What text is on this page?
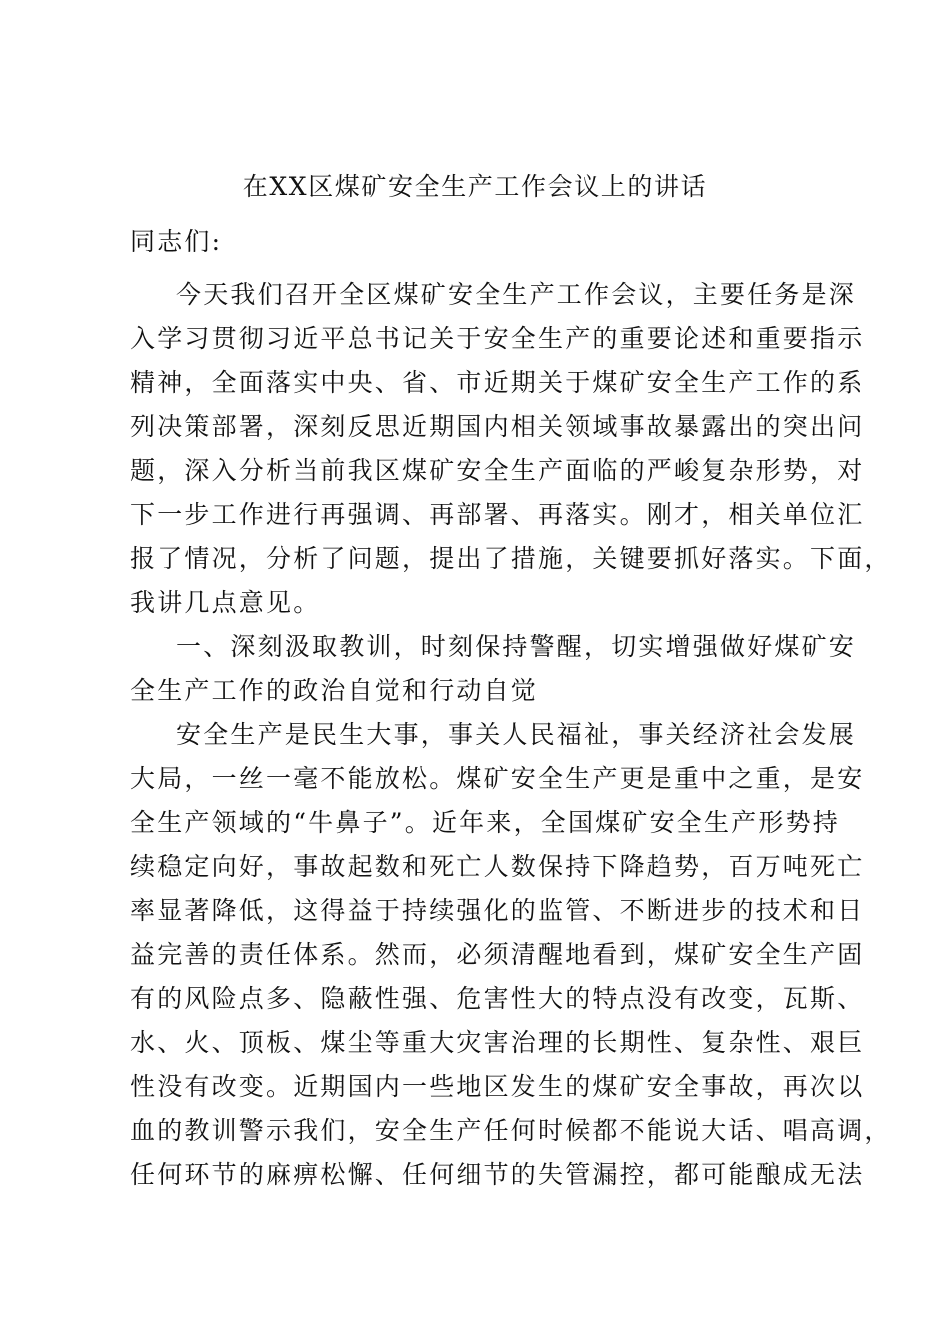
在XX区煤矿安全生产工作会议上的讲话
同志们:
今天我们召开全区煤矿安全生产工作会议，主要任务是深
入学习贯彻习近平总书记关于安全生产的重要论述和重要指示
精神，全面落实中央、省、市近期关于煤矿安全生产工作的系
列决策部署，深刻反思近期国内相关领域事故暴露出的突出问
题，深入分析当前我区煤矿安全生产面临的严峻复杂形势，对
下一步工作进行再强调、再部署、再落实。刚才，相关单位汇
报了情况，分析了问题，提出了措施，关键要抓好落实。下面，
我讲几点意见。
一、深刻汲取教训，时刻保持警醒，切实增强做好煤矿安
全生产工作的政治自觉和行动自觉
安全生产是民生大事，事关人民福祉，事关经济社会发展
大局，一丝一毫不能放松。煤矿安全生产更是重中之重，是安
全生产领域的“牛鼻子”。近年来，全国煤矿安全生产形势持
续稳定向好，事故起数和死亡人数保持下降趋势，百万吨死亡
率显著降低，这得益于持续强化的监管、不断进步的技术和日
益完善的责任体系。然而，必须清醒地看到，煤矿安全生产固
有的风险点多、隐蔽性强、危害性大的特点没有改变，瓦斯、
水、火、顶板、煤尘等重大灾害治理的长期性、复杂性、艰巨
性没有改变。近期国内一些地区发生的煤矿安全事故，再次以
血的教训警示我们，安全生产任何时候都不能说大话、唱高调，
任何环节的麻痹松懈、任何细节的失管漏控，都可能酿成无法
